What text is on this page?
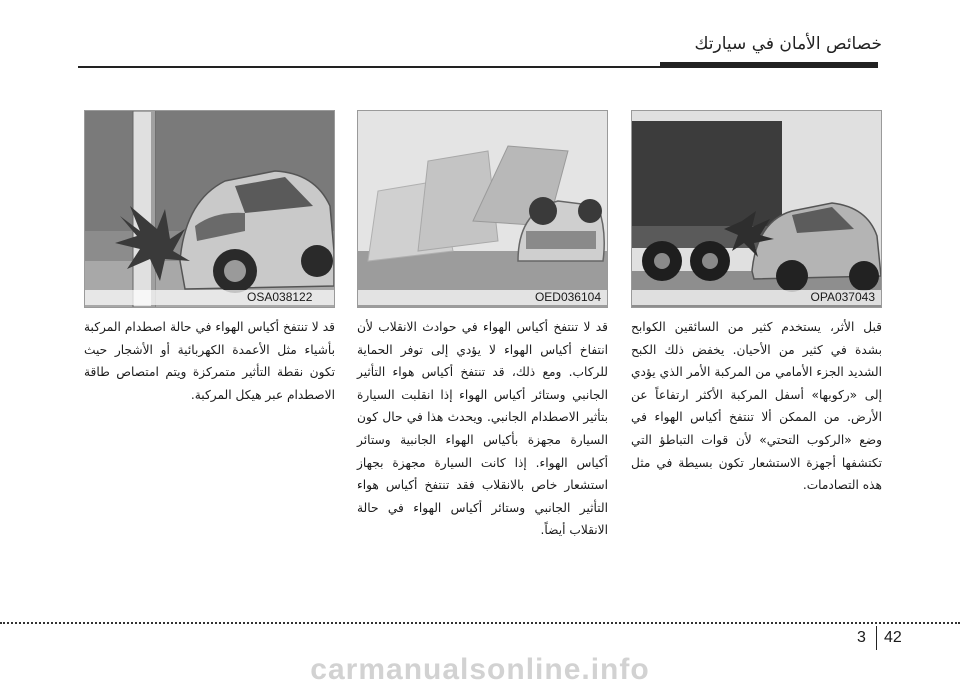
خصائص الأمان في سيارتك
OSA038122

قد لا تنتفخ أكياس الهواء في حالة اصطدام المركبة بأشياء مثل الأعمدة الكهربائية أو الأشجار حيث تكون نقطة التأثير متمركزة ويتم امتصاص طاقة الاصطدام عبر هيكل المركبة.

OED036104

قد لا تنتفخ أكياس الهواء في حوادث الانقلاب لأن انتفاخ أكياس الهواء لا يؤدي إلى توفر الحماية للركاب. ومع ذلك، قد تنتفخ أكياس هواء التأثير الجانبي وستائر أكياس الهواء إذا انقلبت السيارة بتأثير الاصطدام الجانبي. ويحدث هذا في حال كون السيارة مجهزة بأكياس الهواء الجانبية وستائر أكياس الهواء. إذا كانت السيارة مجهزة بجهاز استشعار خاص بالانقلاب فقد تنتفخ أكياس هواء التأثير الجانبي وستائر أكياس الهواء في حالة الانقلاب أيضاً.

OPA037043

قبل الأثر، يستخدم كثير من السائقين الكوابح بشدة في كثير من الأحيان. يخفض ذلك الكبح الشديد الجزء الأمامي من المركبة الأمر الذي يؤدي إلى «ركوبها» أسفل المركبة الأكثر ارتفاعاً عن الأرض. من الممكن ألا تنتفخ أكياس الهواء في وضع «الركوب التحتي» لأن قوات التباطؤ التي تكتشفها أجهزة الاستشعار تكون بسيطة في مثل هذه التصادمات.

3 42
carmanualsonline.info
